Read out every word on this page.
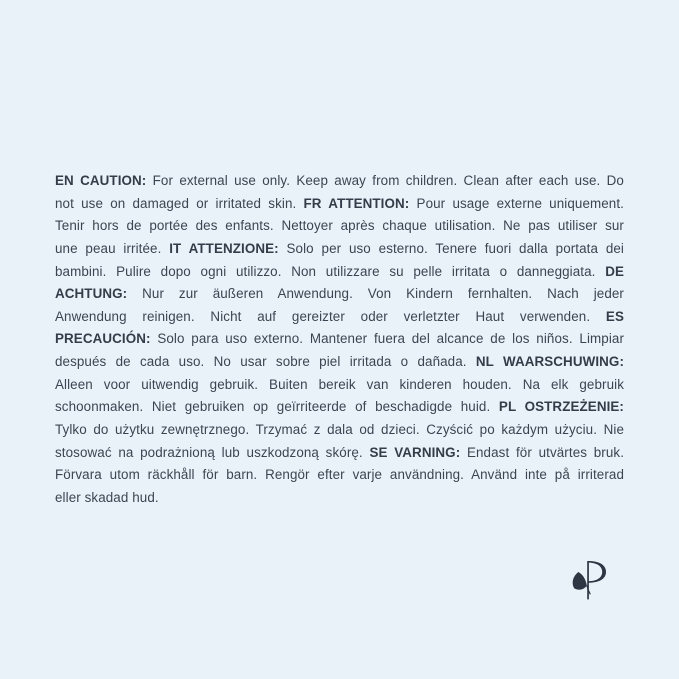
EN CAUTION: For external use only. Keep away from children. Clean after each use. Do
not use on damaged or irritated skin. FR ATTENTION: Pour usage externe uniquement.
Tenir hors de portée des enfants. Nettoyer après chaque utilisation. Ne pas utiliser sur
une peau irritée. IT ATTENZIONE: Solo per uso esterno. Tenere fuori dalla portata dei
bambini. Pulire dopo ogni utilizzo. Non utilizzare su pelle irritata o danneggiata. DE
ACHTUNG: Nur zur äußeren Anwendung. Von Kindern fernhalten. Nach jeder
Anwendung reinigen. Nicht auf gereizter oder verletzter Haut verwenden. ES
PRECAUCIÓN: Solo para uso externo. Mantener fuera del alcance de los niños. Limpiar
después de cada uso. No usar sobre piel irritada o dañada. NL WAARSCHUWING:
Alleen voor uitwendig gebruik. Buiten bereik van kinderen houden. Na elk gebruik
schoonmaken. Niet gebruiken op geïrriteerde of beschadigde huid. PL OSTRZEŻENIE:
Tylko do użytku zewnętrznego. Trzymać z dala od dzieci. Czyścić po każdym użyciu. Nie
stosować na podrażnioną lub uszkodzoną skórę. SE VARNING: Endast för utvärtes bruk.
Förvara utom räckhåll för barn. Rengör efter varje användning. Använd inte på irriterad
eller skadad hud.
